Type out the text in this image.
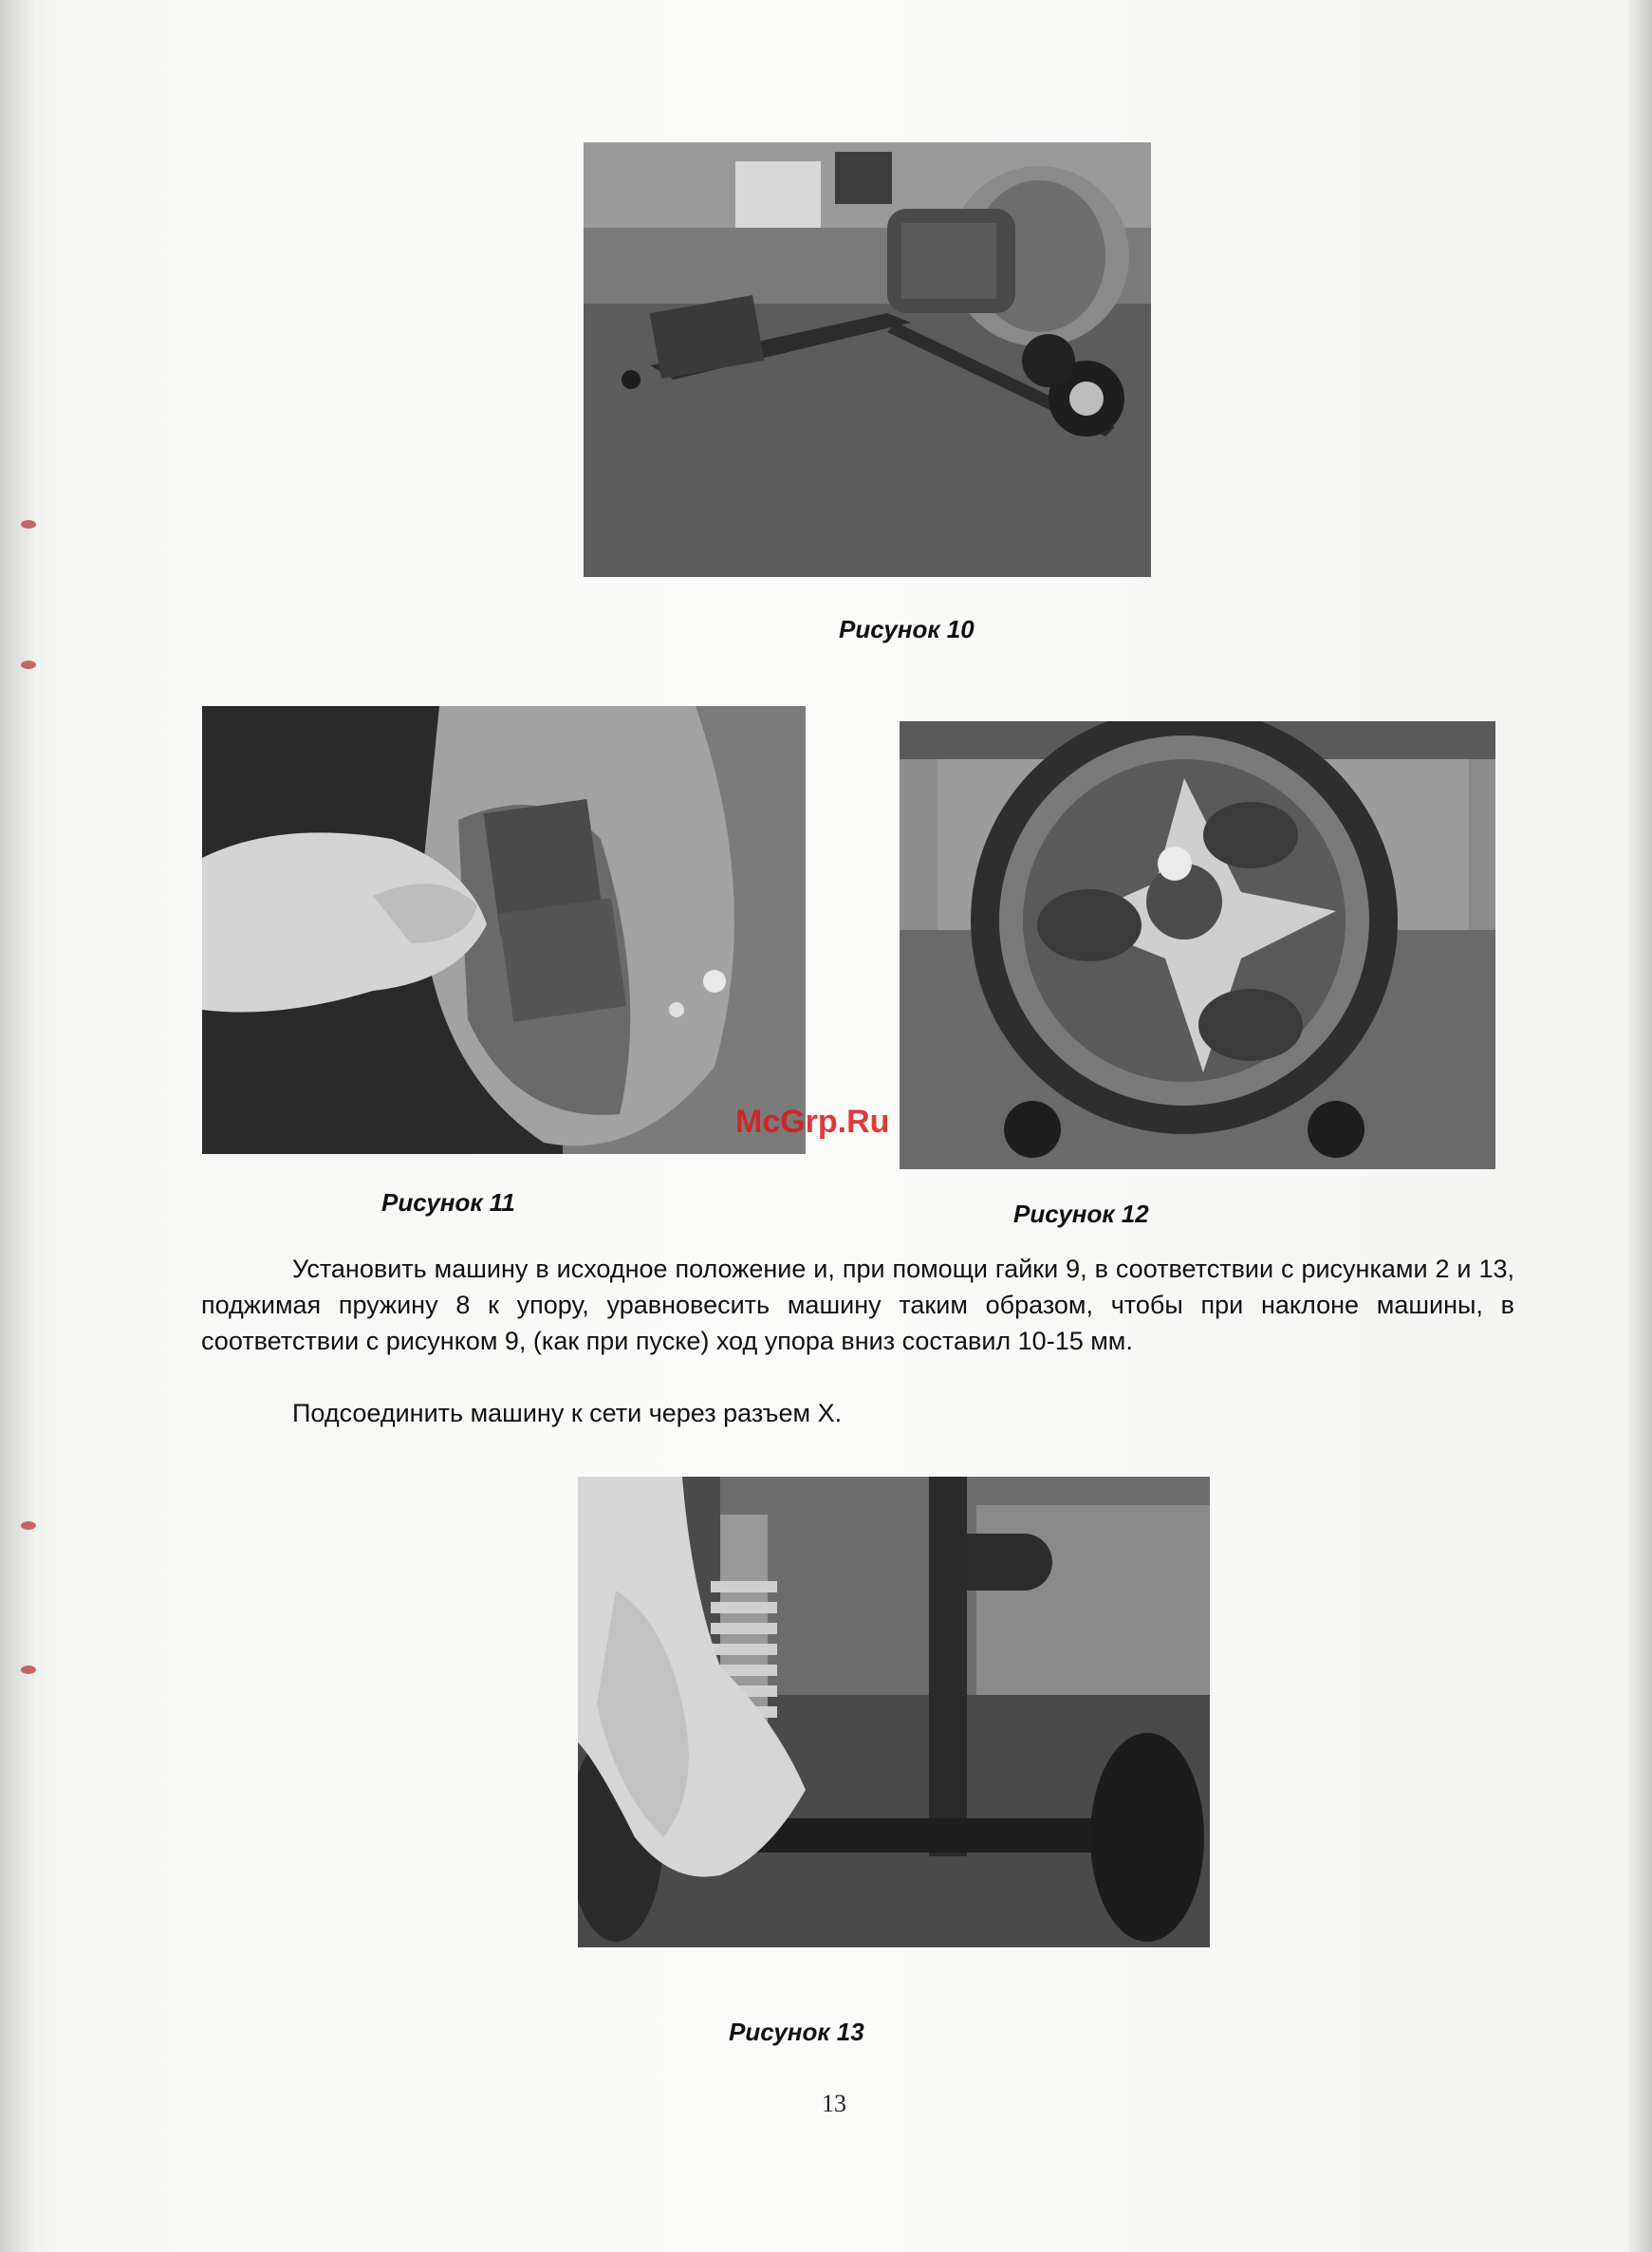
Рисунок 10
Рисунок 11	Рисунок 12
McGrp.Ru
Установить машину в исходное положение и, при помощи гайки 9, в соответствии с рисунками 2 и 13, поджимая пружину 8 к упору, уравновесить машину таким образом, чтобы при наклоне машины, в соответствии с рисунком 9, (как при пуске) ход упора вниз составил 10-15 мм.
Подсоединить машину к сети через разъем X.
Рисунок 13
13
